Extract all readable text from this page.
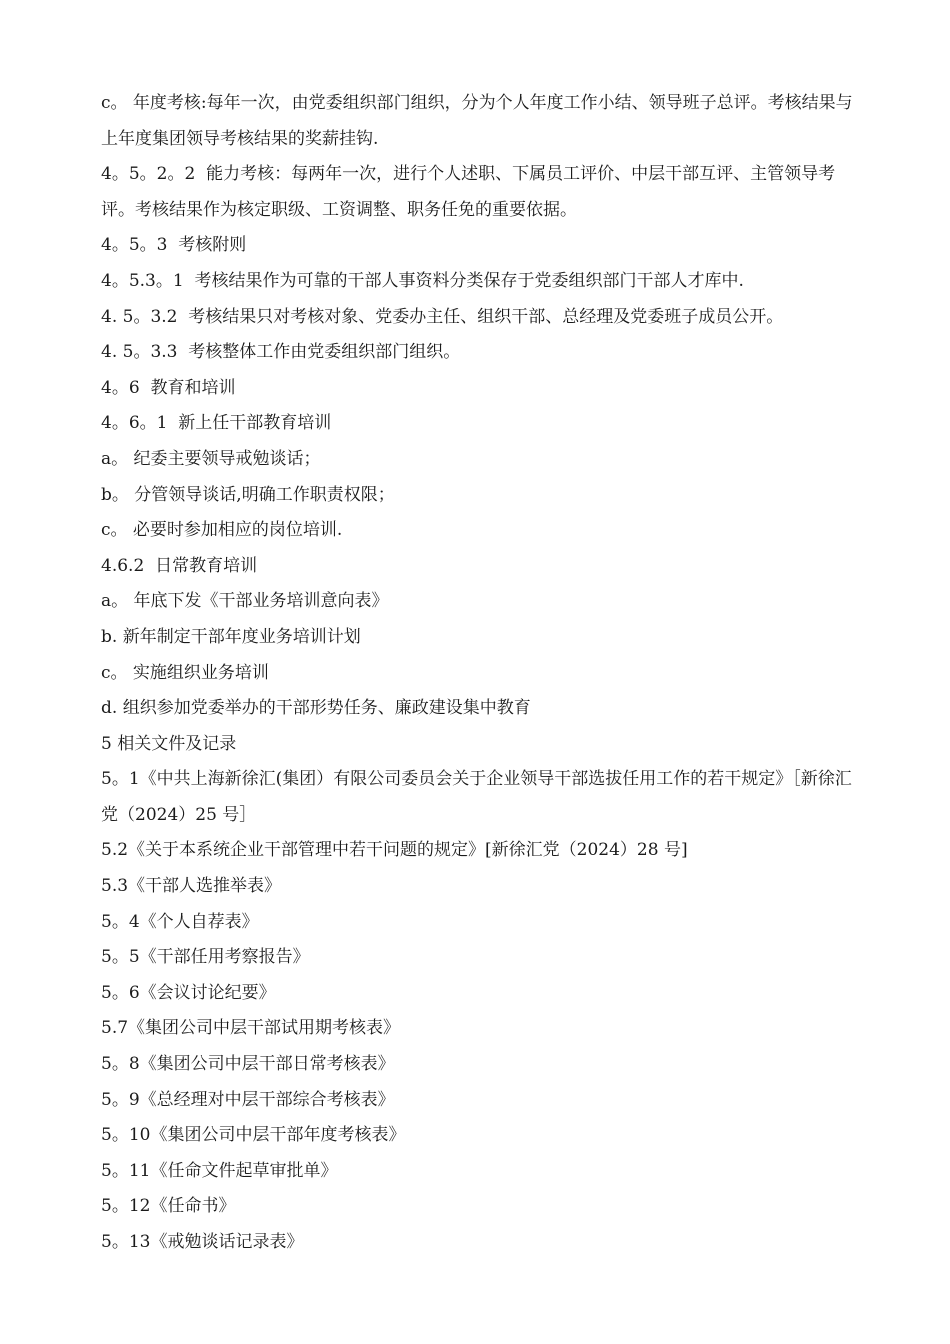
c。 年度考核:每年一次，由党委组织部门组织，分为个人年度工作小结、领导班子总评。考核结果与上年度集团领导考核结果的奖薪挂钩.

4。5。2。2  能力考核：每两年一次，进行个人述职、下属员工评价、中层干部互评、主管领导考评。考核结果作为核定职级、工资调整、职务任免的重要依据。

4。5。3  考核附则

4。5.3。1  考核结果作为可靠的干部人事资料分类保存于党委组织部门干部人才库中.

4. 5。3.2  考核结果只对考核对象、党委办主任、组织干部、总经理及党委班子成员公开。

4. 5。3.3  考核整体工作由党委组织部门组织。

4。6  教育和培训

4。6。1  新上任干部教育培训

a。 纪委主要领导戒勉谈话；

b。 分管领导谈话,明确工作职责权限；

c。 必要时参加相应的岗位培训.

4.6.2  日常教育培训

a。 年底下发《干部业务培训意向表》

b. 新年制定干部年度业务培训计划

c。 实施组织业务培训

d. 组织参加党委举办的干部形势任务、廉政建设集中教育

5 相关文件及记录

5。1《中共上海新徐汇(集团）有限公司委员会关于企业领导干部选拔任用工作的若干规定》［新徐汇党（2024）25 号］

5.2《关于本系统企业干部管理中若干问题的规定》[新徐汇党（2024）28 号]

5.3《干部人选推举表》

5。4《个人自荐表》

5。5《干部任用考察报告》

5。6《会议讨论纪要》

5.7《集团公司中层干部试用期考核表》

5。8《集团公司中层干部日常考核表》

5。9《总经理对中层干部综合考核表》

5。10《集团公司中层干部年度考核表》

5。11《任命文件起草审批单》

5。12《任命书》

5。13《戒勉谈话记录表》
